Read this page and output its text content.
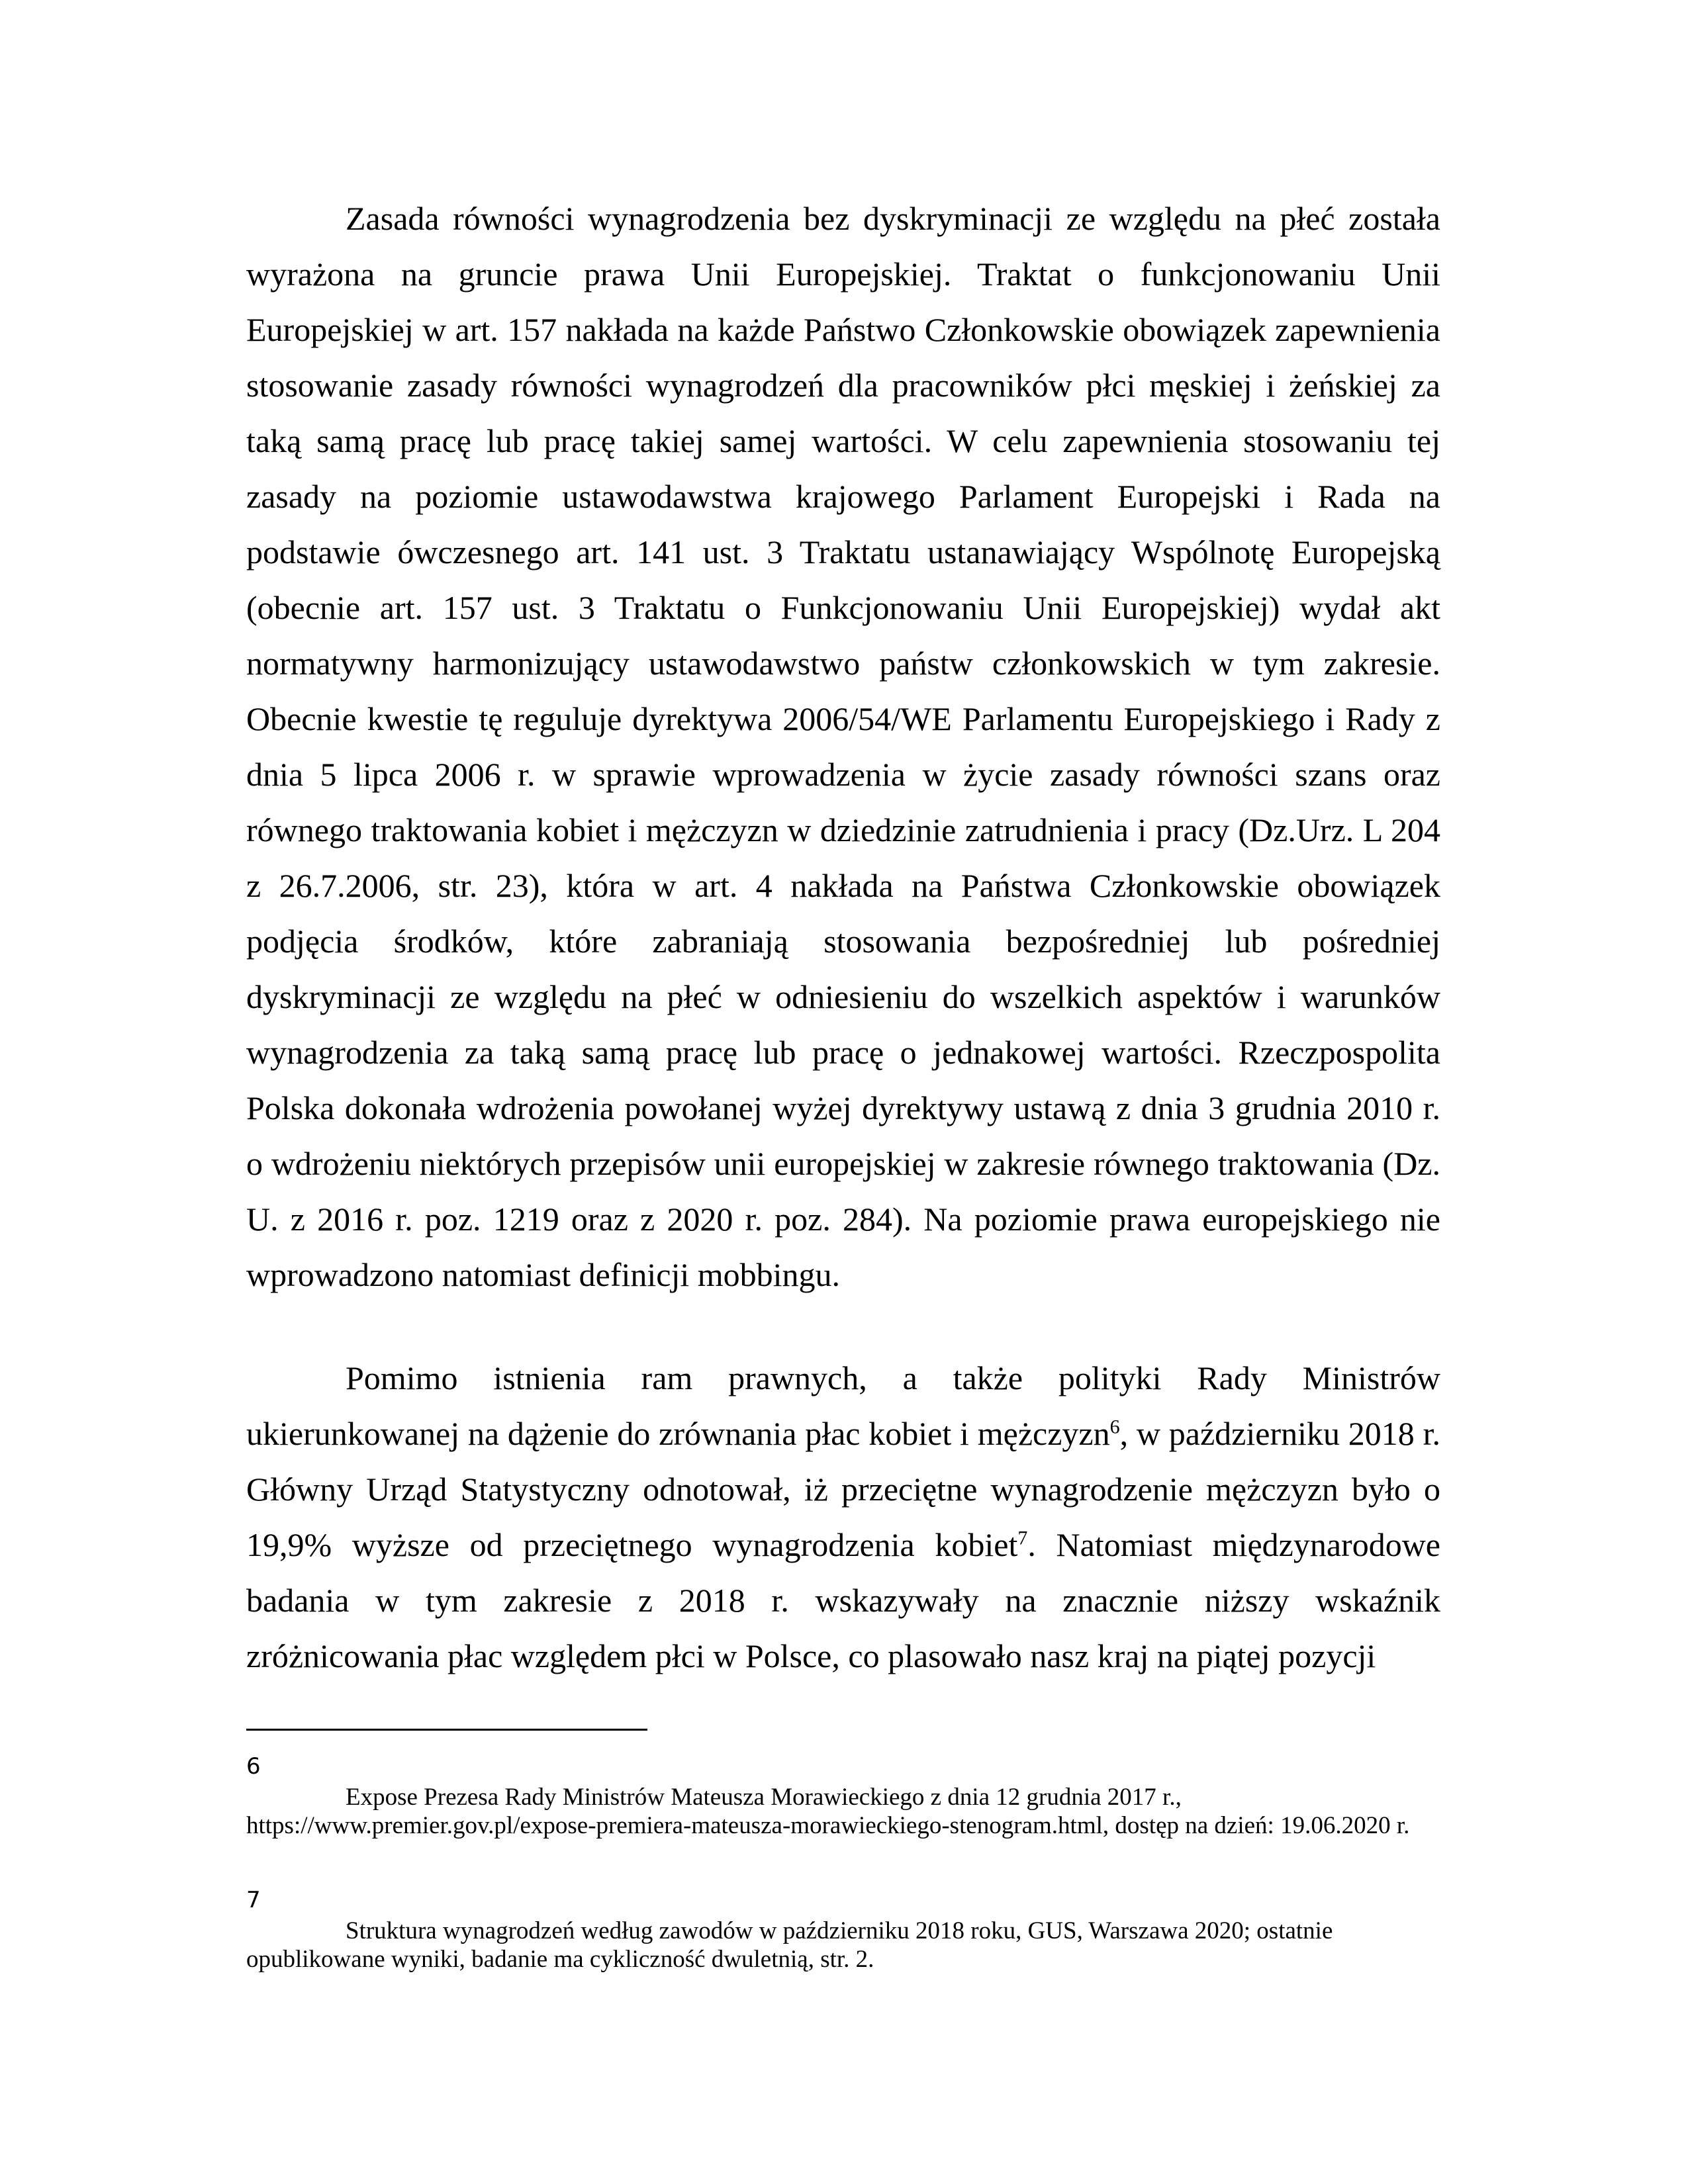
Zasada równości wynagrodzenia bez dyskryminacji ze względu na płeć została wyrażona na gruncie prawa Unii Europejskiej. Traktat o funkcjonowaniu Unii Europejskiej w art. 157 nakłada na każde Państwo Członkowskie obowiązek zapewnienia stosowanie zasady równości wynagrodzeń dla pracowników płci męskiej i żeńskiej za taką samą pracę lub pracę takiej samej wartości. W celu zapewnienia stosowaniu tej zasady na poziomie ustawodawstwa krajowego Parlament Europejski i Rada na podstawie ówczesnego art. 141 ust. 3 Traktatu ustanawiający Wspólnotę Europejską (obecnie art. 157 ust. 3 Traktatu o Funkcjonowaniu Unii Europejskiej) wydał akt normatywny harmonizujący ustawodawstwo państw członkowskich w tym zakresie. Obecnie kwestie tę reguluje dyrektywa 2006/54/WE Parlamentu Europejskiego i Rady z dnia 5 lipca 2006 r. w sprawie wprowadzenia w życie zasady równości szans oraz równego traktowania kobiet i mężczyzn w dziedzinie zatrudnienia i pracy (Dz.Urz. L 204 z 26.7.2006, str. 23), która w art. 4 nakłada na Państwa Członkowskie obowiązek podjęcia środków, które zabraniają stosowania bezpośredniej lub pośredniej dyskryminacji ze względu na płeć w odniesieniu do wszelkich aspektów i warunków wynagrodzenia za taką samą pracę lub pracę o jednakowej wartości. Rzeczpospolita Polska dokonała wdrożenia powołanej wyżej dyrektywy ustawą z dnia 3 grudnia 2010 r. o wdrożeniu niektórych przepisów unii europejskiej w zakresie równego traktowania (Dz. U. z 2016 r. poz. 1219 oraz z 2020 r. poz. 284). Na poziomie prawa europejskiego nie wprowadzono natomiast definicji mobbingu.

Pomimo istnienia ram prawnych, a także polityki Rady Ministrów ukierunkowanej na dążenie do zrównania płac kobiet i mężczyzn$^6$, w październiku 2018 r. Główny Urząd Statystyczny odnotował, iż przeciętne wynagrodzenie mężczyzn było o 19,9% wyższe od przeciętnego wynagrodzenia kobiet$^7$. Natomiast międzynarodowe badania w tym zakresie z 2018 r. wskazywały na znacznie niższy wskaźnik zróżnicowania płac względem płci w Polsce, co plasowało nasz kraj na piątej pozycji

6

Expose Prezesa Rady Ministrów Mateusza Morawieckiego z dnia 12 grudnia 2017 r., https://www.premier.gov.pl/expose-premiera-mateusza-morawieckiego-stenogram.html, dostęp na dzień: 19.06.2020 r.

7

Struktura wynagrodzeń według zawodów w październiku 2018 roku, GUS, Warszawa 2020; ostatnie opublikowane wyniki, badanie ma cykliczność dwuletnią, str. 2.
